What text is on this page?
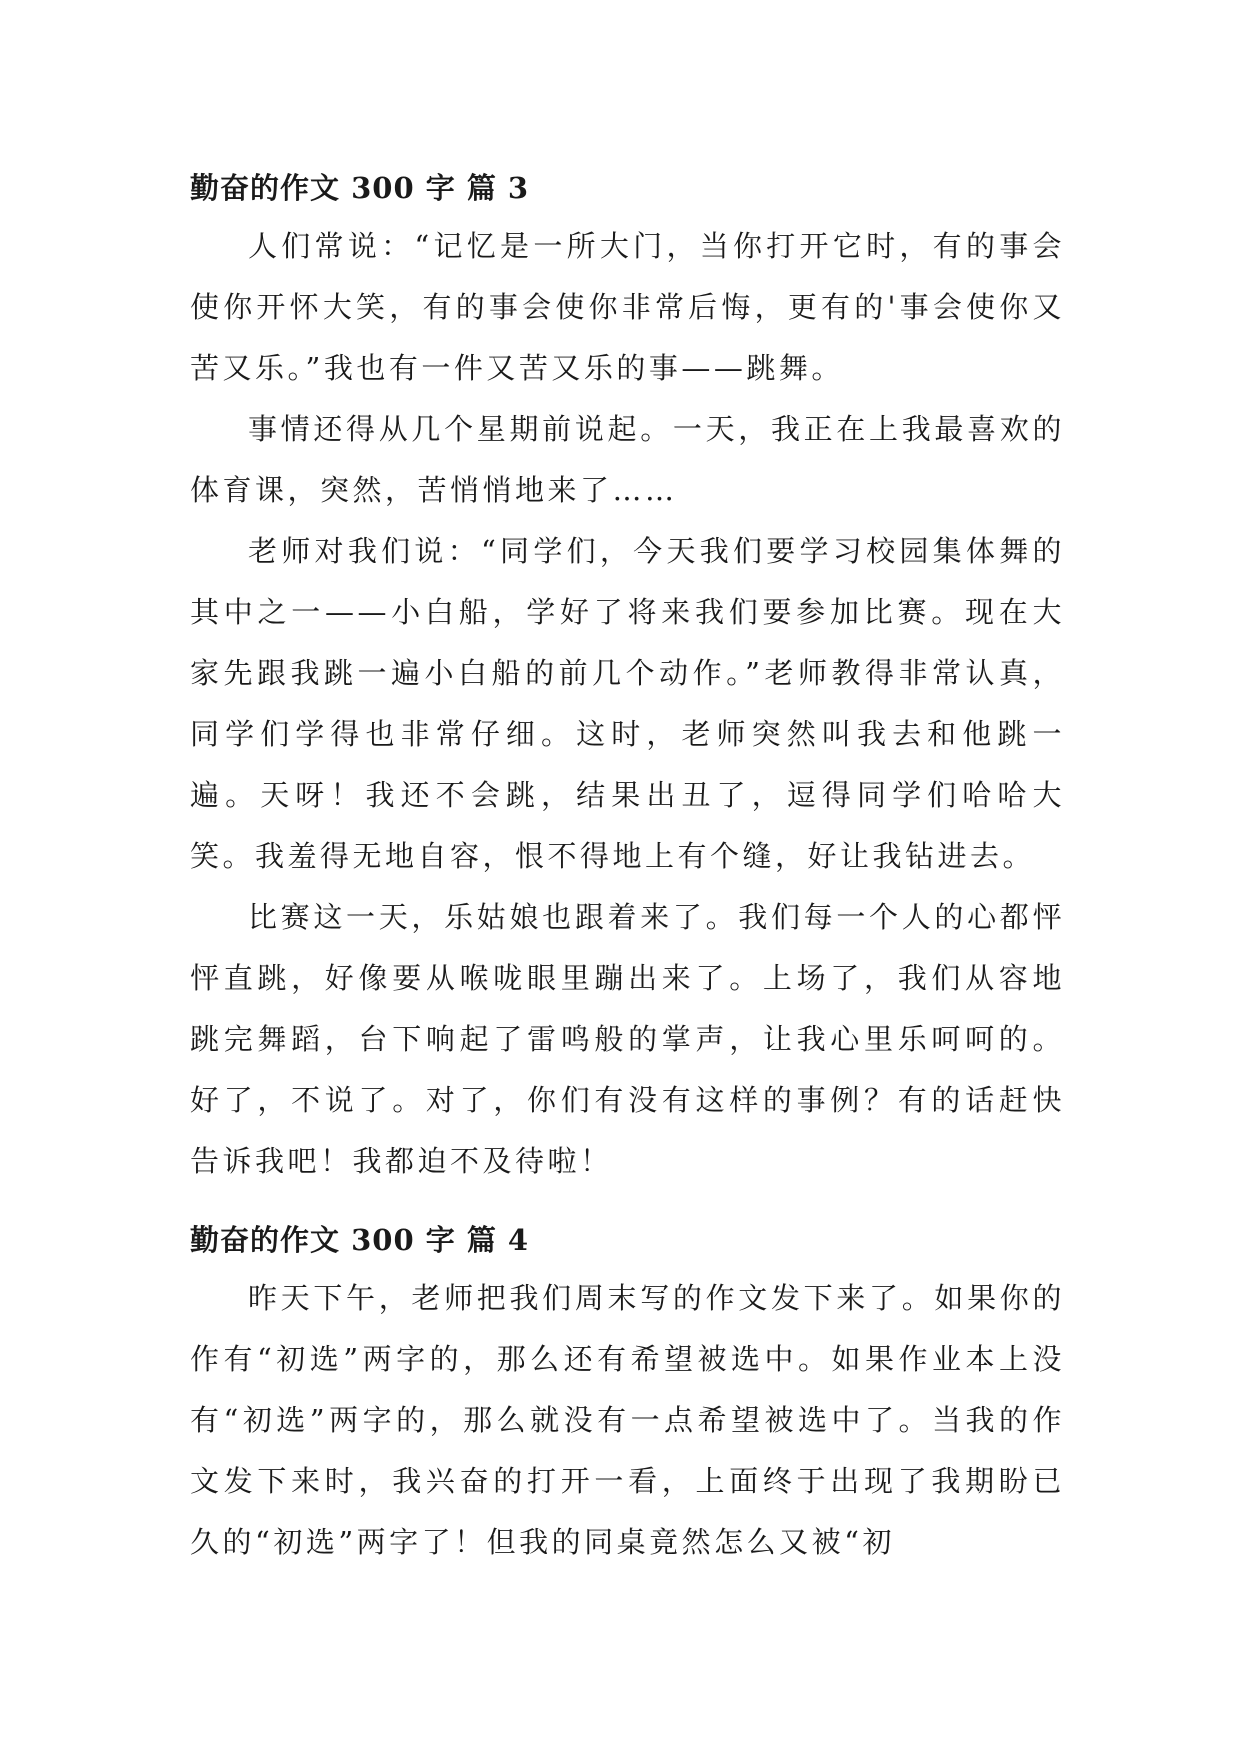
勤奋的作文 300 字 篇 3

人们常说：“记忆是一所大门，当你打开它时，有的事会使你开怀大笑，有的事会使你非常后悔，更有的'事会使你又苦又乐。”我也有一件又苦又乐的事——跳舞。

事情还得从几个星期前说起。一天，我正在上我最喜欢的体育课，突然，苦悄悄地来了……

老师对我们说：“同学们，今天我们要学习校园集体舞的其中之一——小白船，学好了将来我们要参加比赛。现在大家先跟我跳一遍小白船的前几个动作。”老师教得非常认真，同学们学得也非常仔细。这时，老师突然叫我去和他跳一遍。天呀！我还不会跳，结果出丑了，逗得同学们哈哈大笑。我羞得无地自容，恨不得地上有个缝，好让我钻进去。

比赛这一天，乐姑娘也跟着来了。我们每一个人的心都怦怦直跳，好像要从喉咙眼里蹦出来了。上场了，我们从容地跳完舞蹈，台下响起了雷鸣般的掌声，让我心里乐呵呵的。好了，不说了。对了，你们有没有这样的事例？有的话赶快告诉我吧！我都迫不及待啦！

勤奋的作文 300 字 篇 4

昨天下午，老师把我们周末写的作文发下来了。如果你的作有“初选”两字的，那么还有希望被选中。如果作业本上没有“初选”两字的，那么就没有一点希望被选中了。当我的作文发下来时，我兴奋的打开一看，上面终于出现了我期盼已久的“初选”两字了！但我的同桌竟然怎么又被“初
